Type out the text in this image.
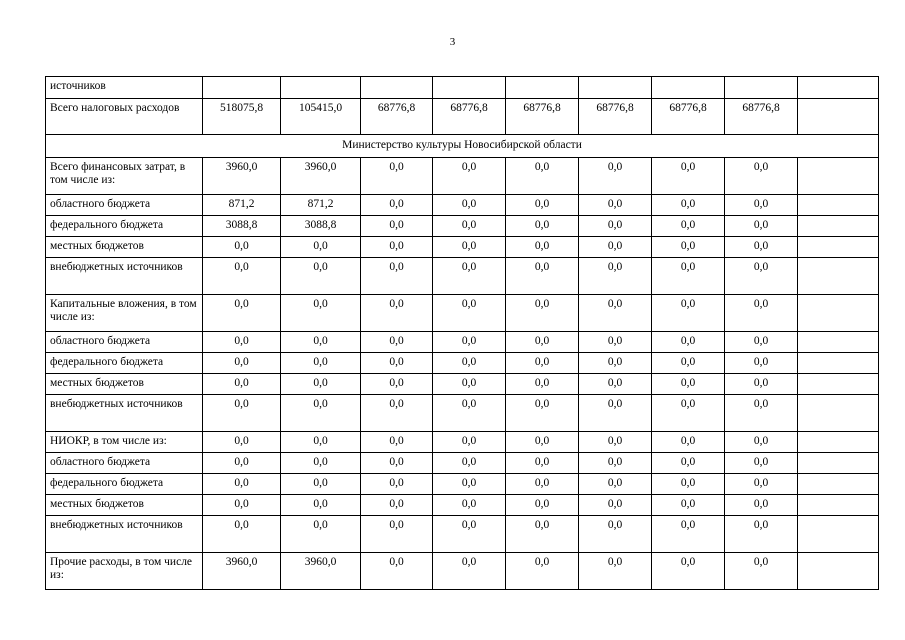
3
источников									
Всего налоговых расходов	518075,8	105415,0	68776,8	68776,8	68776,8	68776,8	68776,8	68776,8	
Министерство культуры Новосибирской области									
Всего финансовых затрат, в том числе из:	3960,0	3960,0	0,0	0,0	0,0	0,0	0,0	0,0	
областного бюджета	871,2	871,2	0,0	0,0	0,0	0,0	0,0	0,0	
федерального бюджета	3088,8	3088,8	0,0	0,0	0,0	0,0	0,0	0,0	
местных бюджетов	0,0	0,0	0,0	0,0	0,0	0,0	0,0	0,0	
внебюджетных источников	0,0	0,0	0,0	0,0	0,0	0,0	0,0	0,0	
Капитальные вложения, в том числе из:	0,0	0,0	0,0	0,0	0,0	0,0	0,0	0,0	
областного бюджета	0,0	0,0	0,0	0,0	0,0	0,0	0,0	0,0	
федерального бюджета	0,0	0,0	0,0	0,0	0,0	0,0	0,0	0,0	
местных бюджетов	0,0	0,0	0,0	0,0	0,0	0,0	0,0	0,0	
внебюджетных источников	0,0	0,0	0,0	0,0	0,0	0,0	0,0	0,0	
НИОКР, в том числе из:	0,0	0,0	0,0	0,0	0,0	0,0	0,0	0,0	
областного бюджета	0,0	0,0	0,0	0,0	0,0	0,0	0,0	0,0	
федерального бюджета	0,0	0,0	0,0	0,0	0,0	0,0	0,0	0,0	
местных бюджетов	0,0	0,0	0,0	0,0	0,0	0,0	0,0	0,0	
внебюджетных источников	0,0	0,0	0,0	0,0	0,0	0,0	0,0	0,0	
Прочие расходы, в том числе из:	3960,0	3960,0	0,0	0,0	0,0	0,0	0,0	0,0	
